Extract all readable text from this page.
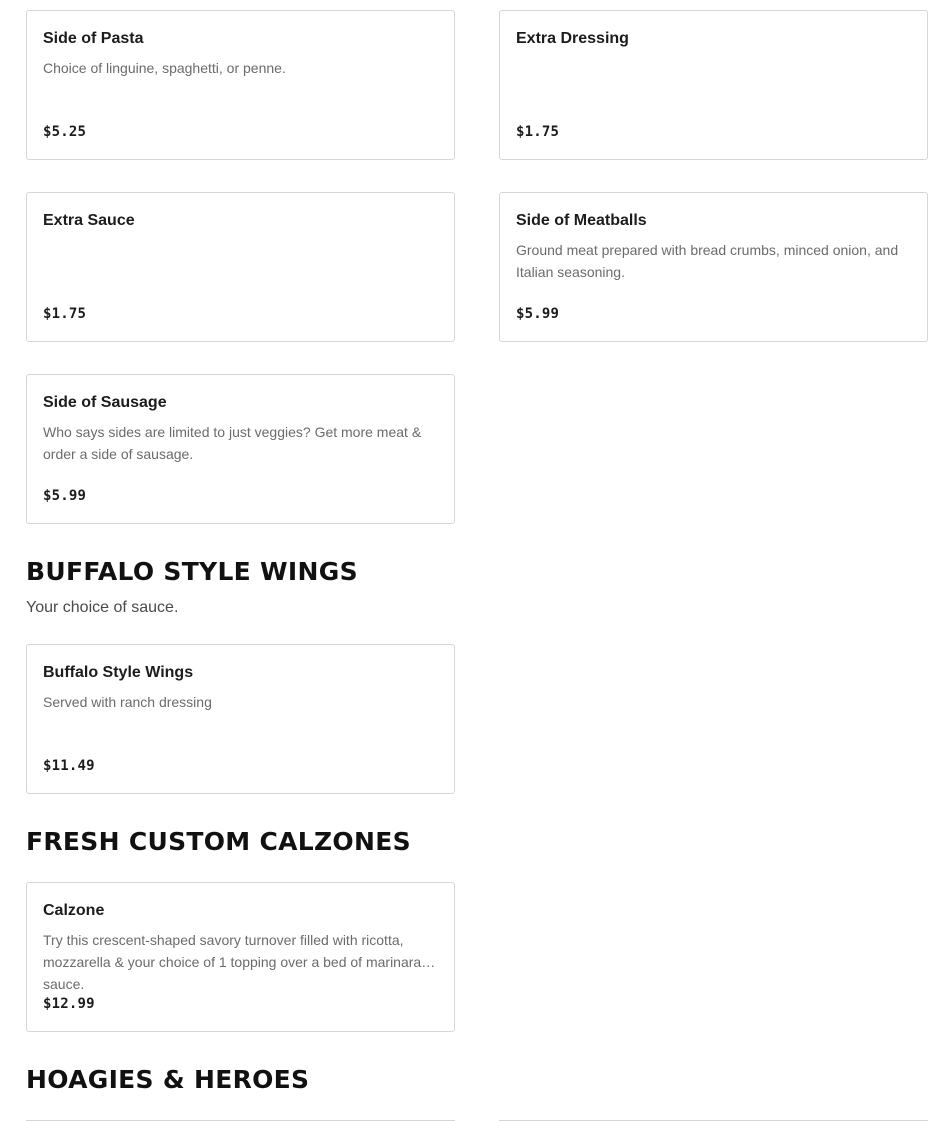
Side of Pasta
Choice of linguine, spaghetti, or penne.
$5.25
Extra Dressing
$1.75
Extra Sauce
$1.75
Side of Meatballs
Ground meat prepared with bread crumbs, minced onion, and Italian seasoning.
$5.99
Side of Sausage
Who says sides are limited to just veggies? Get more meat & order a side of sausage.
$5.99
BUFFALO STYLE WINGS
Your choice of sauce.
Buffalo Style Wings
Served with ranch dressing
$11.49
FRESH CUSTOM CALZONES
Calzone
Try this crescent-shaped savory turnover filled with ricotta, mozzarella & your choice of 1 topping over a bed of marinara sauce.
$12.99
HOAGIES & HEROES
